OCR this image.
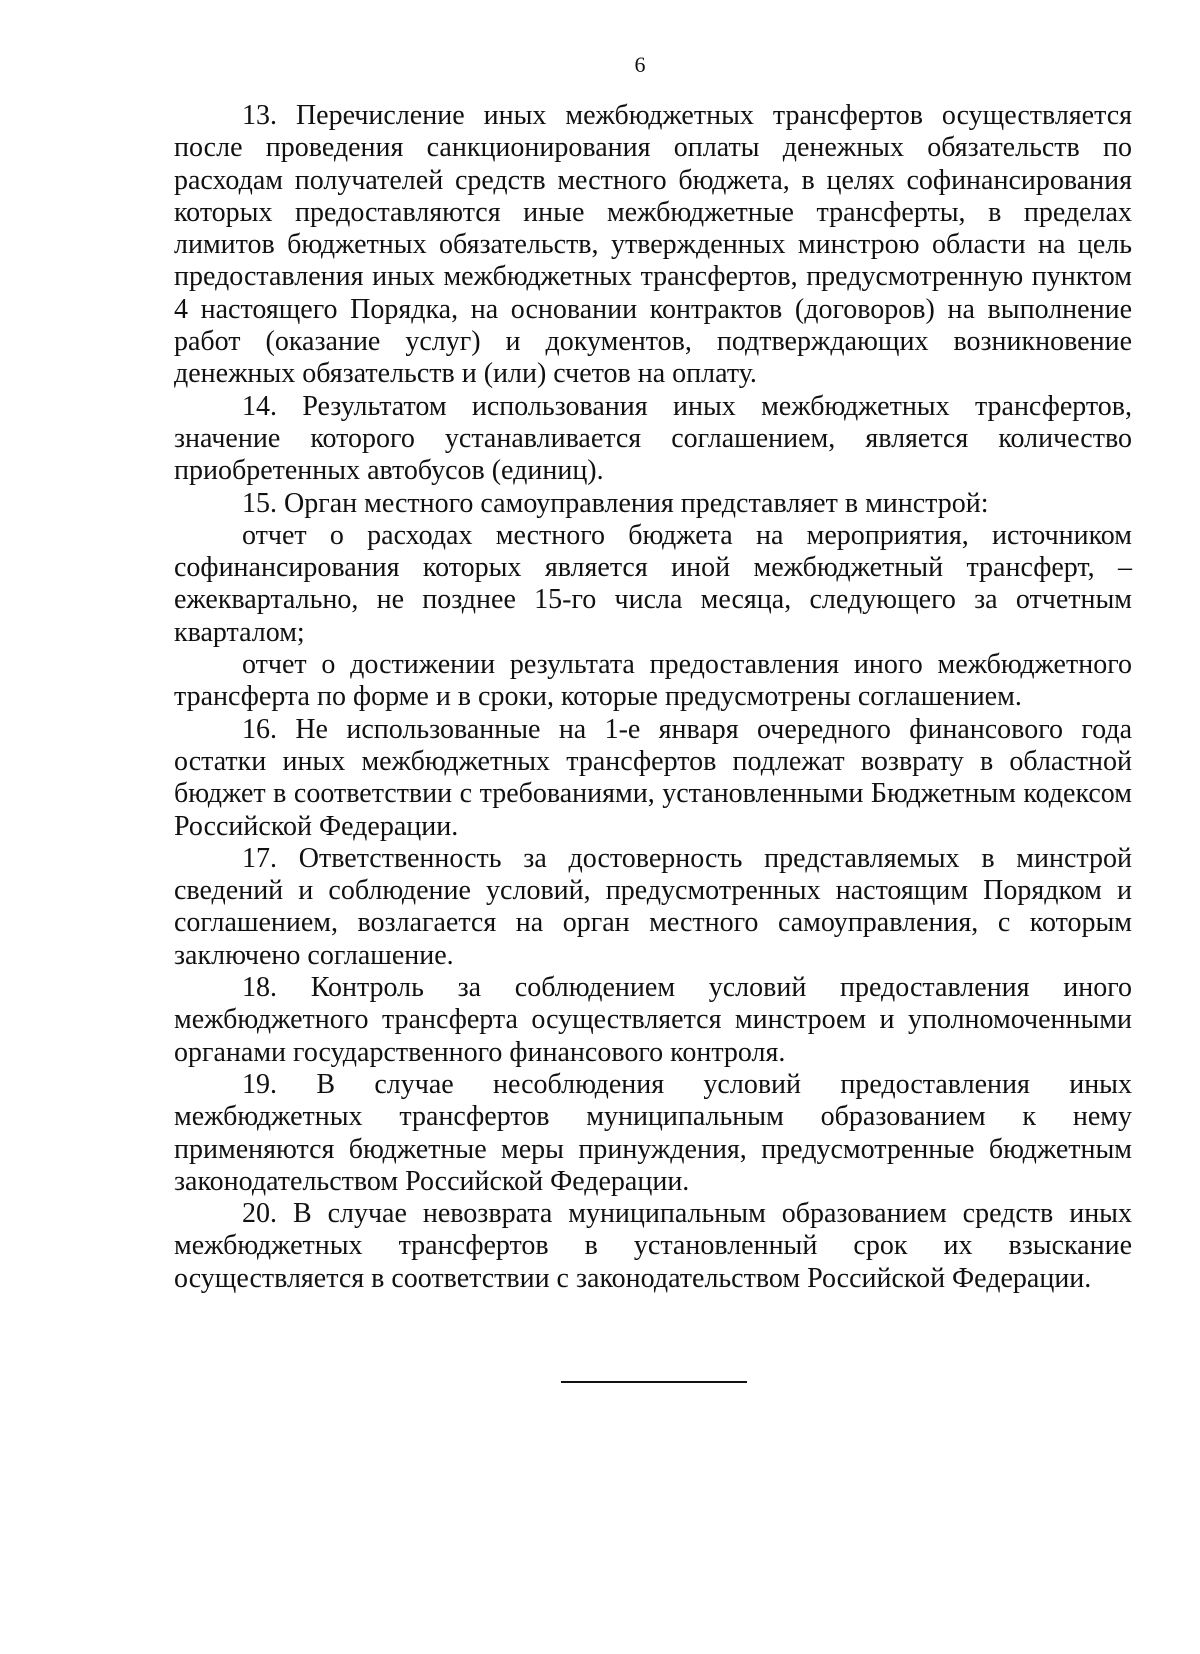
6

13. Перечисление иных межбюджетных трансфертов осуществляется после проведения санкционирования оплаты денежных обязательств по расходам получателей средств местного бюджета, в целях софинансирования которых предоставляются иные межбюджетные трансферты, в пределах лимитов бюджетных обязательств, утвержденных минстрою области на цель предоставления иных межбюджетных трансфертов, предусмотренную пунктом 4 настоящего Порядка, на основании контрактов (договоров) на выполнение работ (оказание услуг) и документов, подтверждающих возникновение денежных обязательств и (или) счетов на оплату.

14. Результатом использования иных межбюджетных трансфертов, значение которого устанавливается соглашением, является количество приобретенных автобусов (единиц).

15. Орган местного самоуправления представляет в минстрой:

отчет о расходах местного бюджета на мероприятия, источником софинансирования которых является иной межбюджетный трансферт, – ежеквартально, не позднее 15-го числа месяца, следующего за отчетным кварталом;

отчет о достижении результата предоставления иного межбюджетного трансферта по форме и в сроки, которые предусмотрены соглашением.

16. Не использованные на 1-е января очередного финансового года остатки иных межбюджетных трансфертов подлежат возврату в областной бюджет в соответствии с требованиями, установленными Бюджетным кодексом Российской Федерации.

17. Ответственность за достоверность представляемых в минстрой сведений и соблюдение условий, предусмотренных настоящим Порядком и соглашением, возлагается на орган местного самоуправления, с которым заключено соглашение.

18. Контроль за соблюдением условий предоставления иного межбюджетного трансферта осуществляется минстроем и уполномоченными органами государственного финансового контроля.

19. В случае несоблюдения условий предоставления иных межбюджетных трансфертов муниципальным образованием к нему применяются бюджетные меры принуждения, предусмотренные бюджетным законодательством Российской Федерации.

20. В случае невозврата муниципальным образованием средств иных межбюджетных трансфертов в установленный срок их взыскание осуществляется в соответствии с законодательством Российской Федерации.
